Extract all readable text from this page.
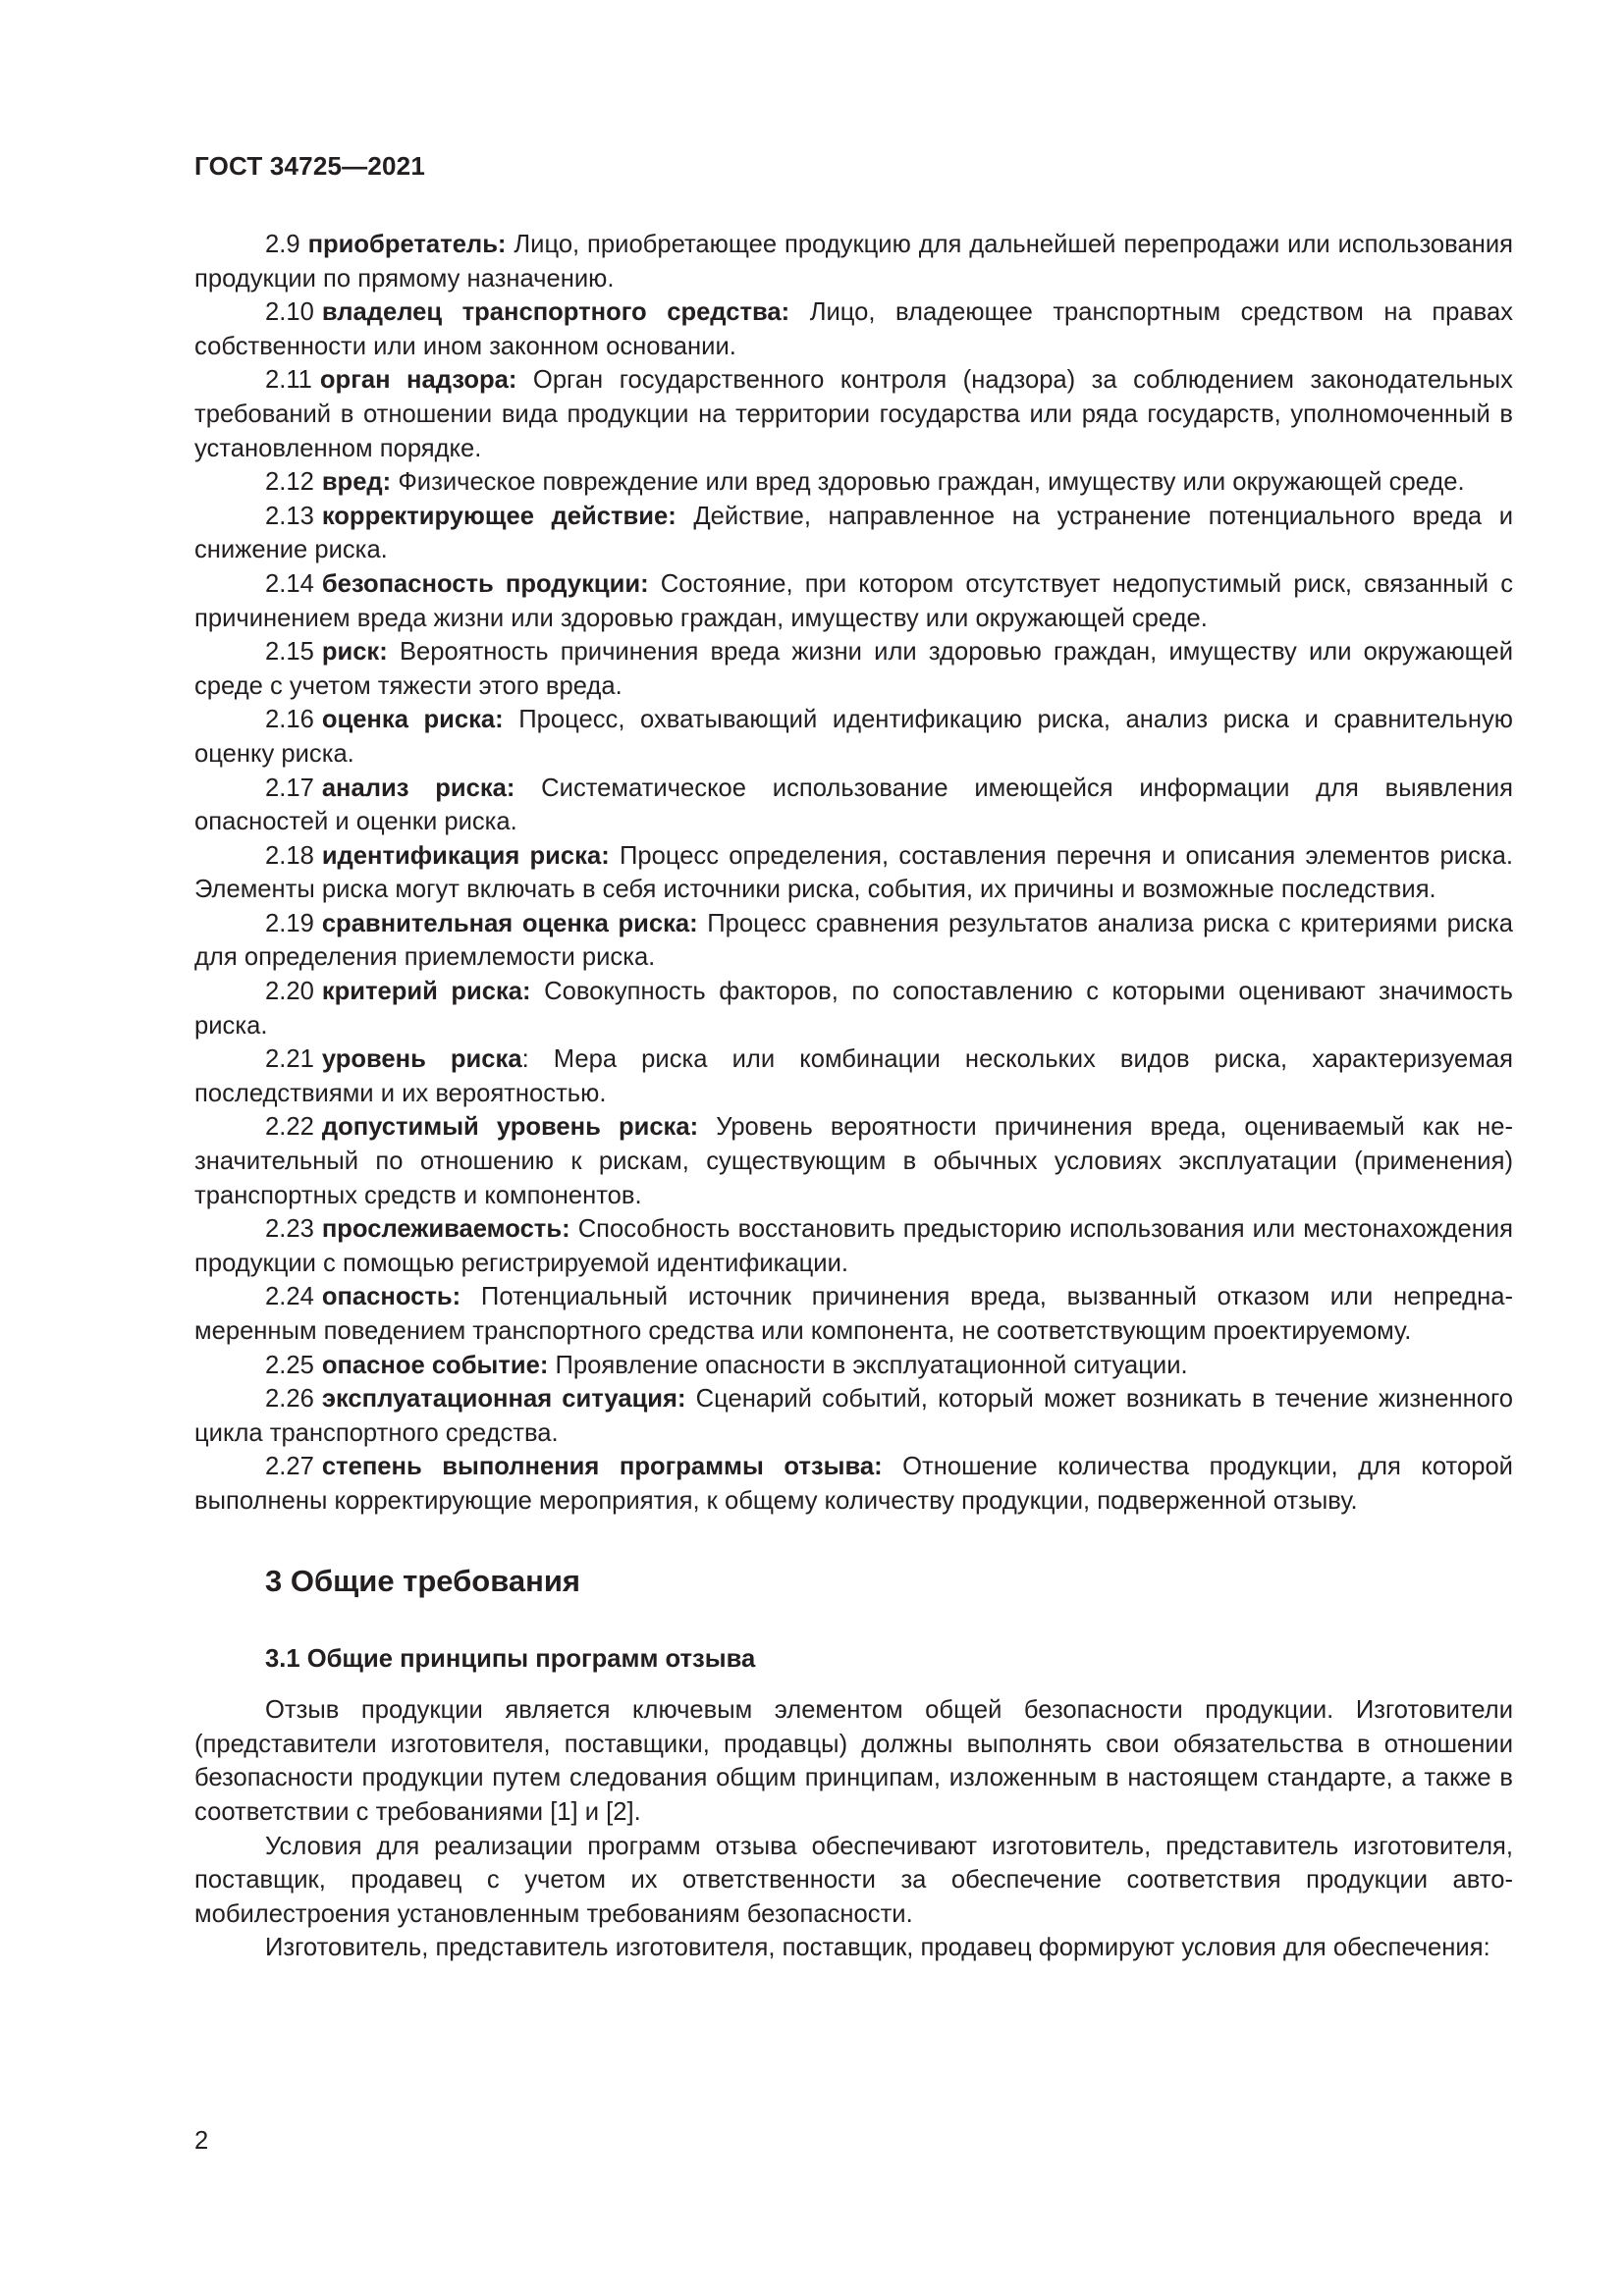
ГОСТ 34725—2021

2.9 приобретатель: Лицо, приобретающее продукцию для дальнейшей перепродажи или использования продукции по прямому назначению.

2.10 владелец транспортного средства: Лицо, владеющее транспортным средством на правах собственности или ином законном основании.

2.11 орган надзора: Орган государственного контроля (надзора) за соблюдением законодательных требований в отношении вида продукции на территории государства или ряда государств, уполномоченный в установленном порядке.

2.12 вред: Физическое повреждение или вред здоровью граждан, имуществу или окружающей среде.

2.13 корректирующее действие: Действие, направленное на устранение потенциального вреда и снижение риска.

2.14 безопасность продукции: Состояние, при котором отсутствует недопустимый риск, связанный с причинением вреда жизни или здоровью граждан, имуществу или окружающей среде.

2.15 риск: Вероятность причинения вреда жизни или здоровью граждан, имуществу или окружающей среде с учетом тяжести этого вреда.

2.16 оценка риска: Процесс, охватывающий идентификацию риска, анализ риска и сравнительную оценку риска.

2.17 анализ риска: Систематическое использование имеющейся информации для выявления опасностей и оценки риска.

2.18 идентификация риска: Процесс определения, составления перечня и описания элементов риска. Элементы риска могут включать в себя источники риска, события, их причины и возможные последствия.

2.19 сравнительная оценка риска: Процесс сравнения результатов анализа риска с критериями риска для определения приемлемости риска.

2.20 критерий риска: Совокупность факторов, по сопоставлению с которыми оценивают значимость риска.

2.21 уровень риска: Мера риска или комбинации нескольких видов риска, характеризуемая последствиями и их вероятностью.

2.22 допустимый уровень риска: Уровень вероятности причинения вреда, оцениваемый как незначительный по отношению к рискам, существующим в обычных условиях эксплуатации (применения) транспортных средств и компонентов.

2.23 прослеживаемость: Способность восстановить предысторию использования или местонахождения продукции с помощью регистрируемой идентификации.

2.24 опасность: Потенциальный источник причинения вреда, вызванный отказом или непреднамеренным поведением транспортного средства или компонента, не соответствующим проектируемому.

2.25 опасное событие: Проявление опасности в эксплуатационной ситуации.

2.26 эксплуатационная ситуация: Сценарий событий, который может возникать в течение жизненного цикла транспортного средства.

2.27 степень выполнения программы отзыва: Отношение количества продукции, для которой выполнены корректирующие мероприятия, к общему количеству продукции, подверженной отзыву.

3 Общие требования
3.1 Общие принципы программ отзыва

Отзыв продукции является ключевым элементом общей безопасности продукции. Изготовители (представители изготовителя, поставщики, продавцы) должны выполнять свои обязательства в отношении безопасности продукции путем следования общим принципам, изложенным в настоящем стандарте, а также в соответствии с требованиями [1] и [2].

Условия для реализации программ отзыва обеспечивают изготовитель, представитель изготовителя, поставщик, продавец с учетом их ответственности за обеспечение соответствия продукции автомобилестроения установленным требованиям безопасности.

Изготовитель, представитель изготовителя, поставщик, продавец формируют условия для обеспечения:

2
